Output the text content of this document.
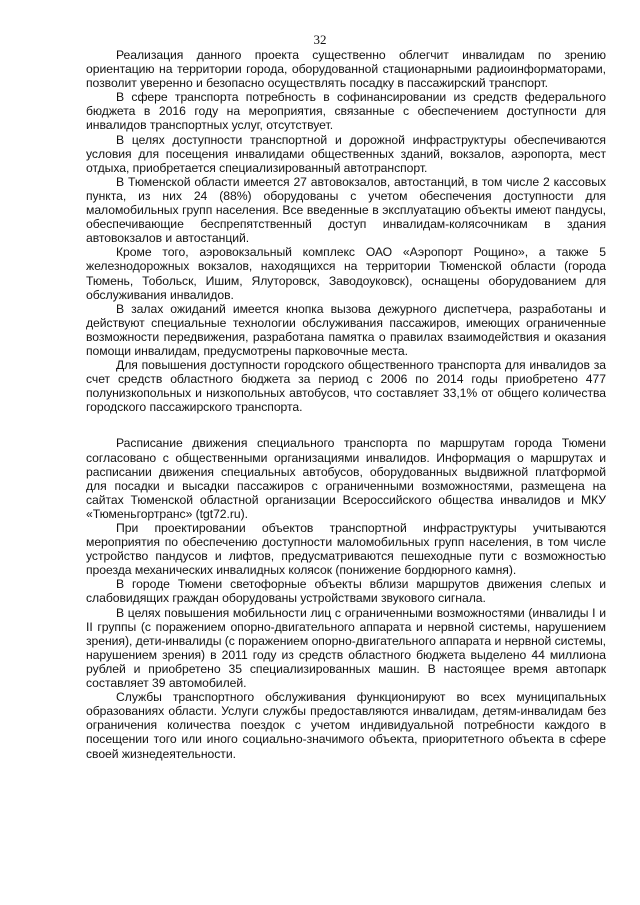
32

Реализация данного проекта существенно облегчит инвалидам по зрению ориентацию на территории города, оборудованной стационарными радиоинформаторами, позволит уверенно и безопасно осуществлять посадку в пассажирский транспорт.

В сфере транспорта потребность в софинансировании из средств федерального бюджета в 2016 году на мероприятия, связанные с обеспечением доступности для инвалидов транспортных услуг, отсутствует.

В целях доступности транспортной и дорожной инфраструктуры обеспечиваются условия для посещения инвалидами общественных зданий, вокзалов, аэропорта, мест отдыха, приобретается специализированный автотранспорт.

В Тюменской области имеется 27 автовокзалов, автостанций, в том числе 2 кассовых пункта, из них 24 (88%) оборудованы с учетом обеспечения доступности для маломобильных групп населения. Все введенные в эксплуатацию объекты имеют пандусы, обеспечивающие беспрепятственный доступ инвалидам-колясочникам в здания автовокзалов и автостанций.

Кроме того, аэровокзальный комплекс ОАО «Аэропорт Рощино», а также 5 железнодорожных вокзалов, находящихся на территории Тюменской области (города Тюмень, Тобольск, Ишим, Ялуторовск, Заводоуковск), оснащены оборудованием для обслуживания инвалидов.

В залах ожиданий имеется кнопка вызова дежурного диспетчера, разработаны и действуют специальные технологии обслуживания пассажиров, имеющих ограниченные возможности передвижения, разработана памятка о правилах взаимодействия и оказания помощи инвалидам, предусмотрены парковочные места.

Для повышения доступности городского общественного транспорта для инвалидов за счет средств областного бюджета за период с 2006 по 2014 годы приобретено 477 полунизкопольных и низкопольных автобусов, что составляет 33,1% от общего количества городского пассажирского транспорта.

Расписание движения специального транспорта по маршрутам города Тюмени согласовано с общественными организациями инвалидов. Информация о маршрутах и расписании движения специальных автобусов, оборудованных выдвижной платформой для посадки и высадки пассажиров с ограниченными возможностями, размещена на сайтах Тюменской областной организации Всероссийского общества инвалидов и МКУ «Тюменьгортранс» (tgt72.ru).

При проектировании объектов транспортной инфраструктуры учитываются мероприятия по обеспечению доступности маломобильных групп населения, в том числе устройство пандусов и лифтов, предусматриваются пешеходные пути с возможностью проезда механических инвалидных колясок (понижение бордюрного камня).

В городе Тюмени светофорные объекты вблизи маршрутов движения слепых и слабовидящих граждан оборудованы устройствами звукового сигнала.

В целях повышения мобильности лиц с ограниченными возможностями (инвалиды I и II группы (с поражением опорно-двигательного аппарата и нервной системы, нарушением зрения), дети-инвалиды (с поражением опорно-двигательного аппарата и нервной системы, нарушением зрения) в 2011 году из средств областного бюджета выделено 44 миллиона рублей и приобретено 35 специализированных машин. В настоящее время автопарк составляет 39 автомобилей.

Службы транспортного обслуживания функционируют во всех муниципальных образованиях области. Услуги службы предоставляются инвалидам, детям-инвалидам без ограничения количества поездок с учетом индивидуальной потребности каждого в посещении того или иного социально-значимого объекта, приоритетного объекта в сфере своей жизнедеятельности.
